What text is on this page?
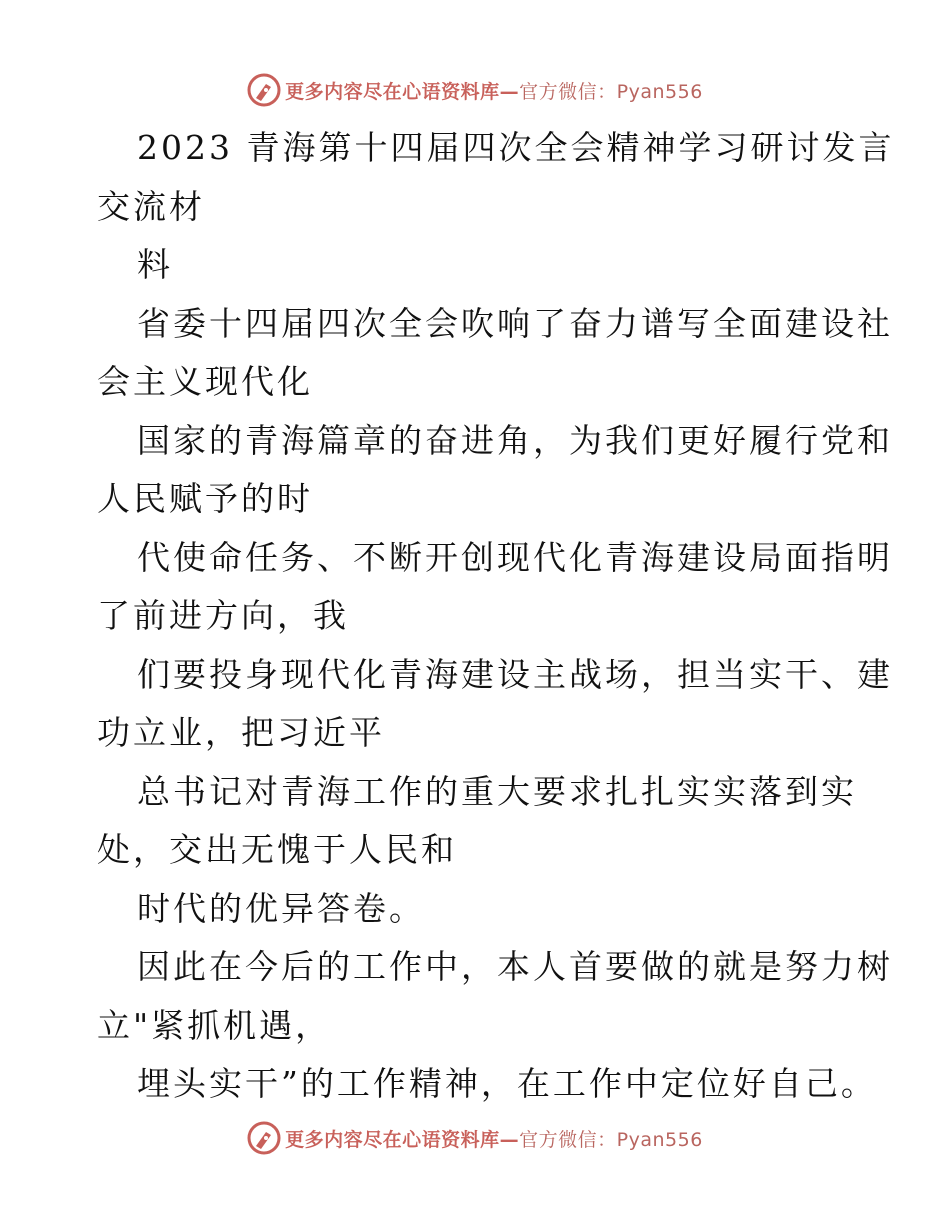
更多内容尽在心语资料库—官方微信：Pyan556
2023 青海第十四届四次全会精神学习研讨发言
交流材
料
省委十四届四次全会吹响了奋力谱写全面建设社
会主义现代化
国家的青海篇章的奋进角，为我们更好履行党和
人民赋予的时
代使命任务、不断开创现代化青海建设局面指明
了前进方向，我
们要投身现代化青海建设主战场，担当实干、建
功立业，把习近平
总书记对青海工作的重大要求扎扎实实落到实
处，交出无愧于人民和
时代的优异答卷。
因此在今后的工作中，本人首要做的就是努力树
立"紧抓机遇，
埋头实干”的工作精神，在工作中定位好自己。
更多内容尽在心语资料库—官方微信：Pyan556
